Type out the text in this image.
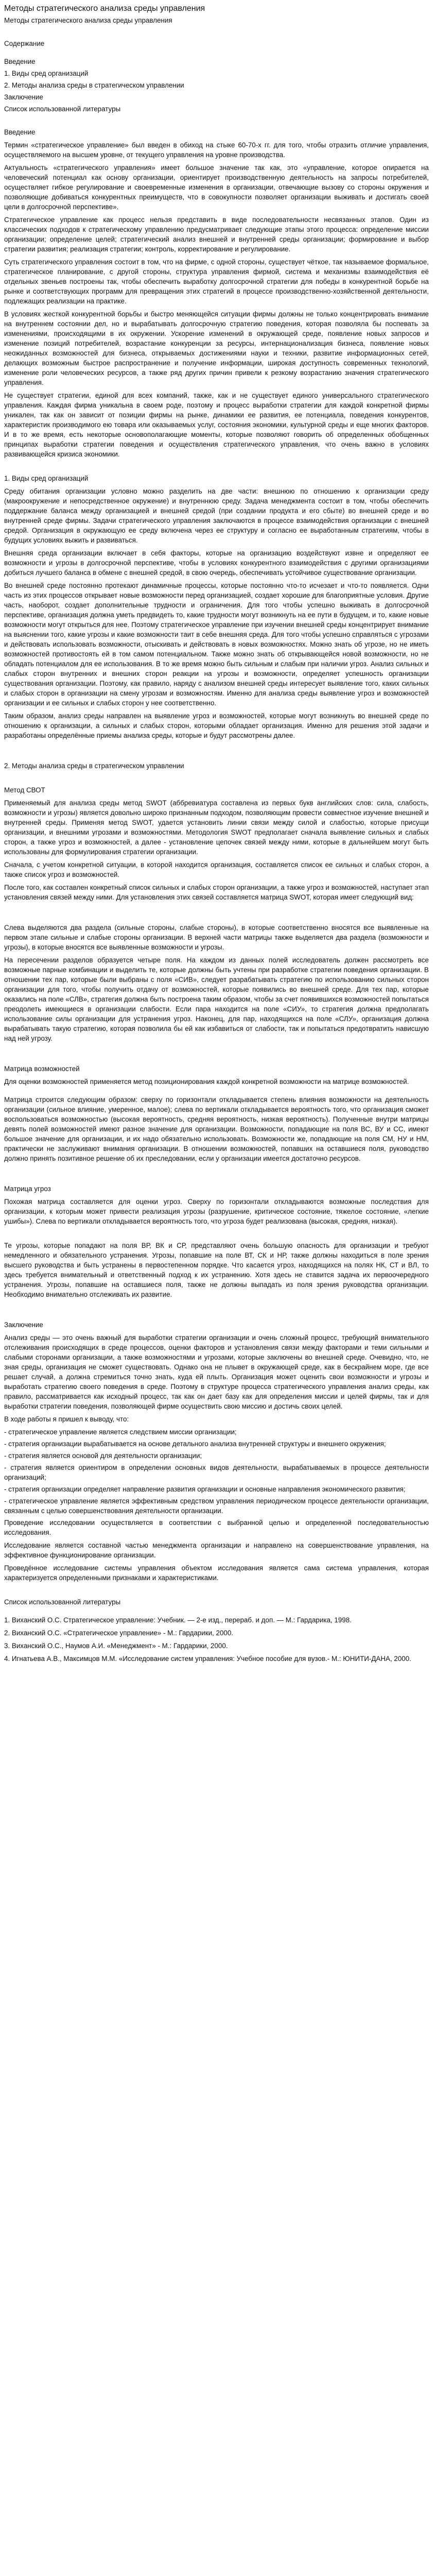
Методы стратегического анализа среды управления

Методы стратегического анализа среды управления

Содержание

Введение

1. Виды сред организаций

2. Методы анализа среды в стратегическом управлении

Заключение

Список использованной литературы

Введение

Термин «стратегическое управление» был введен в обиход на стыке 60-70-х гг. для того, чтобы отразить отличие управления, осуществляемого на высшем уровне, от текущего управления на уровне производства.

Актуальность «стратегического управления» имеет большое значение так как, это «управление, которое опирается на человеческий потенциал как основу организации, ориентирует производственную деятельность на запросы потребителей, осуществляет гибкое регулирование и своевременные изменения в организации, отвечающие вызову со стороны окружения и позволяющие добиваться конкурентных преимуществ, что в совокупности позволяет организации выживать и достигать своей цели в долгосрочной перспективе».

Стратегическое управление как процесс нельзя представить в виде последовательности несвязанных этапов. Один из классических подходов к стратегическому управлению предусматривает следующие этапы этого процесса: определение миссии организации; определение целей; стратегический анализ внешней и внутренней среды организации; формирование и выбор стратегии развития; реализация стратегии; контроль, корректирование и регулирование.

Суть стратегического управления состоит в том, что на фирме, с одной стороны, существует чёткое, так называемое формальное, стратегическое планирование, с другой стороны, структура управления фирмой, система и механизмы взаимодействия её отдельных звеньев построены так, чтобы обеспечить выработку долгосрочной стратегии для победы в конкурентной борьбе на рынке и соответствующих программ для превращения этих стратегий в процессе производственно-хозяйственной деятельности, подлежащих реализации на практике.

В условиях жесткой конкурентной борьбы и быстро меняющейся ситуации фирмы должны не только концентрировать внимание на внутреннем состоянии дел, но и вырабатывать долгосрочную стратегию поведения, которая позволяла бы поспевать за изменениями, происходящими в их окружении. Ускорение изменений в окружающей среде, появление новых запросов и изменение позиций потребителей, возрастание конкуренции за ресурсы, интернационализация бизнеса, появление новых неожиданных возможностей для бизнеса, открываемых достижениями науки и техники, развитие информационных сетей, делающих возможным быстрое распространение и получение информации, широкая доступность современных технологий, изменение роли человеческих ресурсов, а также ряд других причин привели к резкому возрастанию значения стратегического управления.

Не существует стратегии, единой для всех компаний, также, как и не существует единого универсального стратегического управления. Каждая фирма уникальна в своем роде, поэтому и процесс выработки стратегии для каждой конкретной фирмы уникален, так как он зависит от позиции фирмы на рынке, динамики ее развития, ее потенциала, поведения конкурентов, характеристик производимого ею товара или оказываемых услуг, состояния экономики, культурной среды и еще многих факторов. И в то же время, есть некоторые основополагающие моменты, которые позволяют говорить об определенных обобщенных принципах выработки стратегии поведения и осуществления стратегического управления, что очень важно в условиях развивающейся кризиса экономики.

1. Виды сред организаций

Среду обитания организации условно можно разделить на две части: внешнюю по отношению к организации среду (макроокружение и непосредственное окружение) и внутреннюю среду. Задача менеджмента состоит в том, чтобы обеспечить поддержание баланса между организацией и внешней средой (при создании продукта и его сбыте) во внешней среде и во внутренней среде фирмы. Задачи стратегического управления заключаются в процессе взаимодействия организации с внешней средой. Организация в окружающую ее среду включена через ее структуру и согласно ее выработанным стратегиям, чтобы в будущих условиях выжить и развиваться.

Внешняя среда организации включает в себя факторы, которые на организацию воздействуют извне и определяют ее возможности и угрозы в долгосрочной перспективе, чтобы в условиях конкурентного взаимодействия с другими организациями добиться лучшего баланса в обмене с внешней средой, в свою очередь, обеспечивать устойчивое существование организации.

Во внешней среде постоянно протекают динамичные процессы, которые постоянно что-то исчезает и что-то появляется. Одни часть из этих процессов открывает новые возможности перед организацией, создает хорошие для благоприятные условия. Другие часть, наоборот, создает дополнительные трудности и ограничения. Для того чтобы успешно выживать в долгосрочной перспективе, организация должна уметь предвидеть то, какие трудности могут возникнуть на ее пути в будущем, и то, какие новые возможности могут открыться для нее. Поэтому стратегическое управление при изучении внешней среды концентрирует внимание на выяснении того, какие угрозы и какие возможности таит в себе внешняя среда. Для того чтобы успешно справляться с угрозами и действовать использовать возможности, отыскивать и действовать в новых возможностях. Можно знать об угрозе, но не иметь возможностей противостоять ей в том самом потенциальном. Также можно знать об открывающейся новой возможности, но не обладать потенциалом для ее использования. В то же время можно быть сильным и слабым при наличии угроз. Анализ сильных и слабых сторон внутренних и внешних сторон реакции на угрозы и возможности, определяет успешность организации существования организации. Поэтому, как правило, наряду с анализом внешней среды интересует выявление того, каких сильных и слабых сторон в организации на смену угрозам и возможностям. Именно для анализа среды выявление угроз и возможностей организации и ее сильных и слабых сторон у нее соответственно.

Таким образом, анализ среды направлен на выявление угроз и возможностей, которые могут возникнуть во внешней среде по отношению к организации, а сильных и слабых сторон, которыми обладает организация. Именно для решения этой задачи и разработаны определённые приемы анализа среды, которые и будут рассмотрены далее.

2. Методы анализа среды в стратегическом управлении

Метод СВОТ

Применяемый для анализа среды метод SWOT (аббревиатура составлена из первых букв английских слов: сила, слабость, возможности и угрозы) является довольно широко признанным подходом, позволяющим провести совместное изучение внешней и внутренней среды. Применяя метод SWOT, удается установить линии связи между силой и слабостью, которые присущи организации, и внешними угрозами и возможностями. Методология SWOT предполагает сначала выявление сильных и слабых сторон, а также угроз и возможностей, а далее - установление цепочек связей между ними, которые в дальнейшем могут быть использованы для формулирования стратегии организации.

Сначала, с учетом конкретной ситуации, в которой находится организация, составляется список ее сильных и слабых сторон, а также список угроз и возможностей.

После того, как составлен конкретный список сильных и слабых сторон организации, а также угроз и возможностей, наступает этап установления связей между ними. Для установления этих связей составляется матрица SWOT, которая имеет следующий вид:

Слева выделяются два раздела (сильные стороны, слабые стороны), в которые соответственно вносятся все выявленные на первом этапе сильные и слабые стороны организации. В верхней части матрицы также выделяется два раздела (возможности и угрозы), в которые вносятся все выявленные возможности и угрозы.

На пересечении разделов образуется четыре поля. На каждом из данных полей исследователь должен рассмотреть все возможные парные комбинации и выделить те, которые должны быть учтены при разработке стратегии поведения организации. В отношении тех пар, которые были выбраны с поля «СИВ», следует разрабатывать стратегию по использованию сильных сторон организации для того, чтобы получить отдачу от возможностей, которые появились во внешней среде. Для тех пар, которые оказались на поле «СЛВ», стратегия должна быть построена таким образом, чтобы за счет появившихся возможностей попытаться преодолеть имеющиеся в организации слабости. Если пара находится на поле «СИУ», то стратегия должна предполагать использование силы организации для устранения угроз. Наконец, для пар, находящихся на поле «СЛУ», организация должна вырабатывать такую стратегию, которая позволила бы ей как избавиться от слабости, так и попытаться предотвратить нависшую над ней угрозу.

Матрица возможностей

Для оценки возможностей применяется метод позиционирования каждой конкретной возможности на матрице возможностей.

Матрица строится следующим образом: сверху по горизонтали откладывается степень влияния возможности на деятельность организации (сильное влияние, умеренное, малое); слева по вертикали откладывается вероятность того, что организация сможет воспользоваться возможностью (высокая вероятность, средняя вероятность, низкая вероятность). Полученные внутри матрицы девять полей возможностей имеют разное значение для организации. Возможности, попадающие на поля ВС, ВУ и СС, имеют большое значение для организации, и их надо обязательно использовать. Возможности же, попадающие на поля СМ, НУ и НМ, практически не заслуживают внимания организации. В отношении возможностей, попавших на оставшиеся поля, руководство должно принять позитивное решение об их преследовании, если у организации имеется достаточно ресурсов.

Матрица угроз

Похожая матрица составляется для оценки угроз. Сверху по горизонтали откладываются возможные последствия для организации, к которым может привести реализация угрозы (разрушение, критическое состояние, тяжелое состояние, «легкие ушибы»). Слева по вертикали откладывается вероятность того, что угроза будет реализована (высокая, средняя, низкая).

Те угрозы, которые попадают на поля ВР, ВК и СР, представляют очень большую опасность для организации и требуют немедленного и обязательного устранения. Угрозы, попавшие на поле ВТ, СК и НР, также должны находиться в поле зрения высшего руководства и быть устранены в первостепенном порядке. Что касается угроз, находящихся на полях НК, СТ и ВЛ, то здесь требуется внимательный и ответственный подход к их устранению. Хотя здесь не ставится задача их первоочередного устранения. Угрозы, попавшие на оставшиеся поля, также не должны выпадать из поля зрения руководства организации. Необходимо внимательно отслеживать их развитие.

Заключение

Анализ среды — это очень важный для выработки стратегии организации и очень сложный процесс, требующий внимательного отслеживания происходящих в среде процессов, оценки факторов и установления связи между факторами и теми сильными и слабыми сторонами организации, а также возможностями и угрозами, которые заключены во внешней среде. Очевидно, что, не зная среды, организация не сможет существовать. Однако она не плывет в окружающей среде, как в бескрайнем море, где все решает случай, а должна стремиться точно знать, куда ей плыть. Организация может оценить свои возможности и угрозы и выработать стратегию своего поведения в среде. Поэтому в структуре процесса стратегического управления анализ среды, как правило, рассматривается как исходный процесс, так как он дает базу как для определения миссии и целей фирмы, так и для выработки стратегии поведения, позволяющей фирме осуществить свою миссию и достичь своих целей.

В ходе работы я пришел к выводу, что:

- стратегическое управление является следствием миссии организации;

- стратегия организации вырабатывается на основе детального анализа внутренней структуры и внешнего окружения;

- стратегия является основой для деятельности организации;

- стратегия является ориентиром в определении основных видов деятельности, вырабатываемых в процессе деятельности организаций;

- стратегия организации определяет направление развития организации и основные направления экономического развития;

- стратегическое управление является эффективным средством управления периодическом процессе деятельности организации, связанным с целью совершенствования деятельности организации.

Проведение исследовании осуществляется в соответствии с выбранной целью и определенной последовательностью исследования.

Исследование является составной частью менеджмента организации и направлено на совершенствование управления, на эффективное функционирование организации.

Проведённое исследование системы управления объектом исследования является сама система управления, которая характеризуется определенными признаками и характеристиками.

Список использованной литературы

1. Виханский О.С. Стратегическое управление: Учебник. — 2-е изд., перераб. и доп. — М.: Гардарика, 1998.

2. Виханский О.С. «Стратегическое управление» - М.: Гардарики, 2000.

3. Виханский О.С., Наумов А.И. «Менеджмент» - М.: Гардарики, 2000.

4. Игнатьева А.В., Максимцов М.М. «Исследование систем управления: Учебное пособие для вузов.- М.: ЮНИТИ-ДАНА, 2000.
